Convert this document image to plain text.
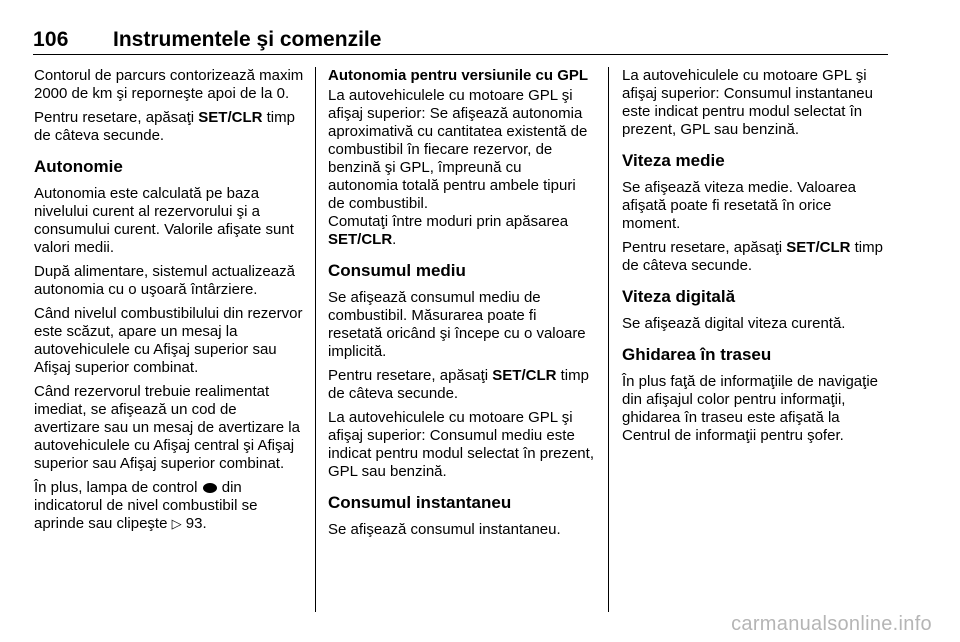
106 Instrumentele şi comenzile

Contorul de parcurs contorizează maxim 2000 de km şi reporneşte apoi de la 0.

Pentru resetare, apăsaţi SET/CLR timp de câteva secunde.

Autonomie

Autonomia este calculată pe baza nivelului curent al rezervorului şi a consumului curent. Valorile afişate sunt valori medii.

După alimentare, sistemul actualizează autonomia cu o uşoară întârziere.

Când nivelul combustibilului din rezervor este scăzut, apare un mesaj la autovehiculele cu Afişaj superior sau Afişaj superior combinat.

Când rezervorul trebuie realimentat imediat, se afişează un cod de avertizare sau un mesaj de avertizare la autovehiculele cu Afişaj central şi Afişaj superior sau Afişaj superior combinat.

În plus, lampa de control  din indicatorul de nivel combustibil se aprinde sau clipeşte ▷ 93.

Autonomia pentru versiunile cu GPL

La autovehiculele cu motoare GPL şi afişaj superior: Se afişează autonomia aproximativă cu cantitatea existentă de combustibil în fiecare rezervor, de benzină şi GPL, împreună cu autonomia totală pentru ambele tipuri de combustibil.

Comutaţi între moduri prin apăsarea SET/CLR.

Consumul mediu

Se afişează consumul mediu de combustibil. Măsurarea poate fi resetată oricând şi începe cu o valoare implicită.

Pentru resetare, apăsaţi SET/CLR timp de câteva secunde.

La autovehiculele cu motoare GPL şi afişaj superior: Consumul mediu este indicat pentru modul selectat în prezent, GPL sau benzină.

Consumul instantaneu

Se afişează consumul instantaneu.

La autovehiculele cu motoare GPL şi afişaj superior: Consumul instantaneu este indicat pentru modul selectat în prezent, GPL sau benzină.

Viteza medie

Se afişează viteza medie. Valoarea afişată poate fi resetată în orice moment.

Pentru resetare, apăsaţi SET/CLR timp de câteva secunde.

Viteza digitală

Se afişează digital viteza curentă.

Ghidarea în traseu

În plus faţă de informaţiile de navigaţie din afişajul color pentru informaţii, ghidarea în traseu este afişată la Centrul de informaţii pentru şofer.

carmanualsonline.info
